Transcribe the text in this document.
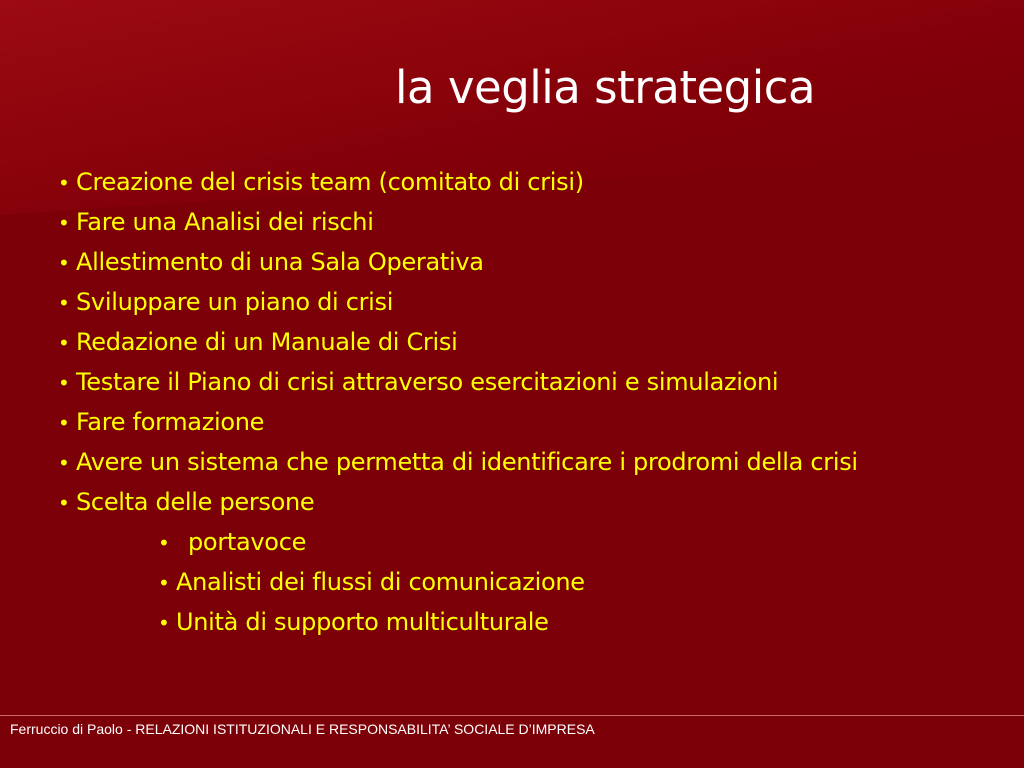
la veglia strategica
• Creazione del crisis team (comitato di crisi)
• Fare una Analisi dei rischi
• Allestimento di una Sala Operativa
• Sviluppare un piano di crisi
• Redazione di un Manuale di Crisi
• Testare il Piano di crisi attraverso esercitazioni e simulazioni
• Fare formazione
• Avere un sistema che permetta di identificare i prodromi della crisi
• Scelta delle persone
• portavoce
• Analisti dei flussi di comunicazione
• Unità di supporto multiculturale
Ferruccio di Paolo - RELAZIONI ISTITUZIONALI E RESPONSABILITA’ SOCIALE D’IMPRESA
